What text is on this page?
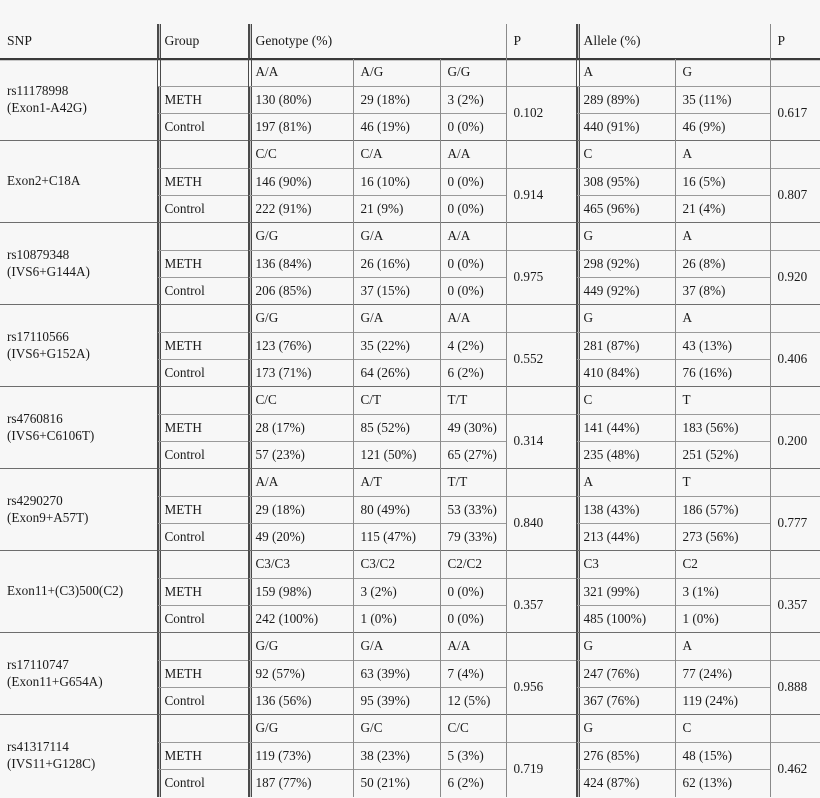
SNP	Group	Genotype (%)			P	Allele (%)		P

rs11178998
(Exon1-A42G)		A/A	A/G	G/G		A	G	
	METH	130 (80%)	29 (18%)	3 (2%)	0.102	289 (89%)	35 (11%)	0.617
	Control	197 (81%)	46 (19%)	0 (0%)		440 (91%)	46 (9%)	

Exon2+C18A		C/C	C/A	A/A		C	A	
	METH	146 (90%)	16 (10%)	0 (0%)	0.914	308 (95%)	16 (5%)	0.807
	Control	222 (91%)	21 (9%)	0 (0%)		465 (96%)	21 (4%)	

rs10879348
(IVS6+G144A)		G/G	G/A	A/A		G	A	
	METH	136 (84%)	26 (16%)	0 (0%)	0.975	298 (92%)	26 (8%)	0.920
	Control	206 (85%)	37 (15%)	0 (0%)		449 (92%)	37 (8%)	

rs17110566
(IVS6+G152A)		G/G	G/A	A/A		G	A	
	METH	123 (76%)	35 (22%)	4 (2%)	0.552	281 (87%)	43 (13%)	0.406
	Control	173 (71%)	64 (26%)	6 (2%)		410 (84%)	76 (16%)	

rs4760816
(IVS6+C6106T)		C/C	C/T	T/T		C	T	
	METH	28 (17%)	85 (52%)	49 (30%)	0.314	141 (44%)	183 (56%)	0.200
	Control	57 (23%)	121 (50%)	65 (27%)		235 (48%)	251 (52%)	

rs4290270
(Exon9+A57T)		A/A	A/T	T/T		A	T	
	METH	29 (18%)	80 (49%)	53 (33%)	0.840	138 (43%)	186 (57%)	0.777
	Control	49 (20%)	115 (47%)	79 (33%)		213 (44%)	273 (56%)	

Exon11+(C3)500(C2)		C3/C3	C3/C2	C2/C2		C3	C2	
	METH	159 (98%)	3 (2%)	0 (0%)	0.357	321 (99%)	3 (1%)	0.357
	Control	242 (100%)	1 (0%)	0 (0%)		485 (100%)	1 (0%)	

rs17110747
(Exon11+G654A)		G/G	G/A	A/A		G	A	
	METH	92 (57%)	63 (39%)	7 (4%)	0.956	247 (76%)	77 (24%)	0.888
	Control	136 (56%)	95 (39%)	12 (5%)		367 (76%)	119 (24%)	

rs41317114
(IVS11+G128C)		G/G	G/C	C/C		G	C	
	METH	119 (73%)	38 (23%)	5 (3%)	0.719	276 (85%)	48 (15%)	0.462
	Control	187 (77%)	50 (21%)	6 (2%)		424 (87%)	62 (13%)	
